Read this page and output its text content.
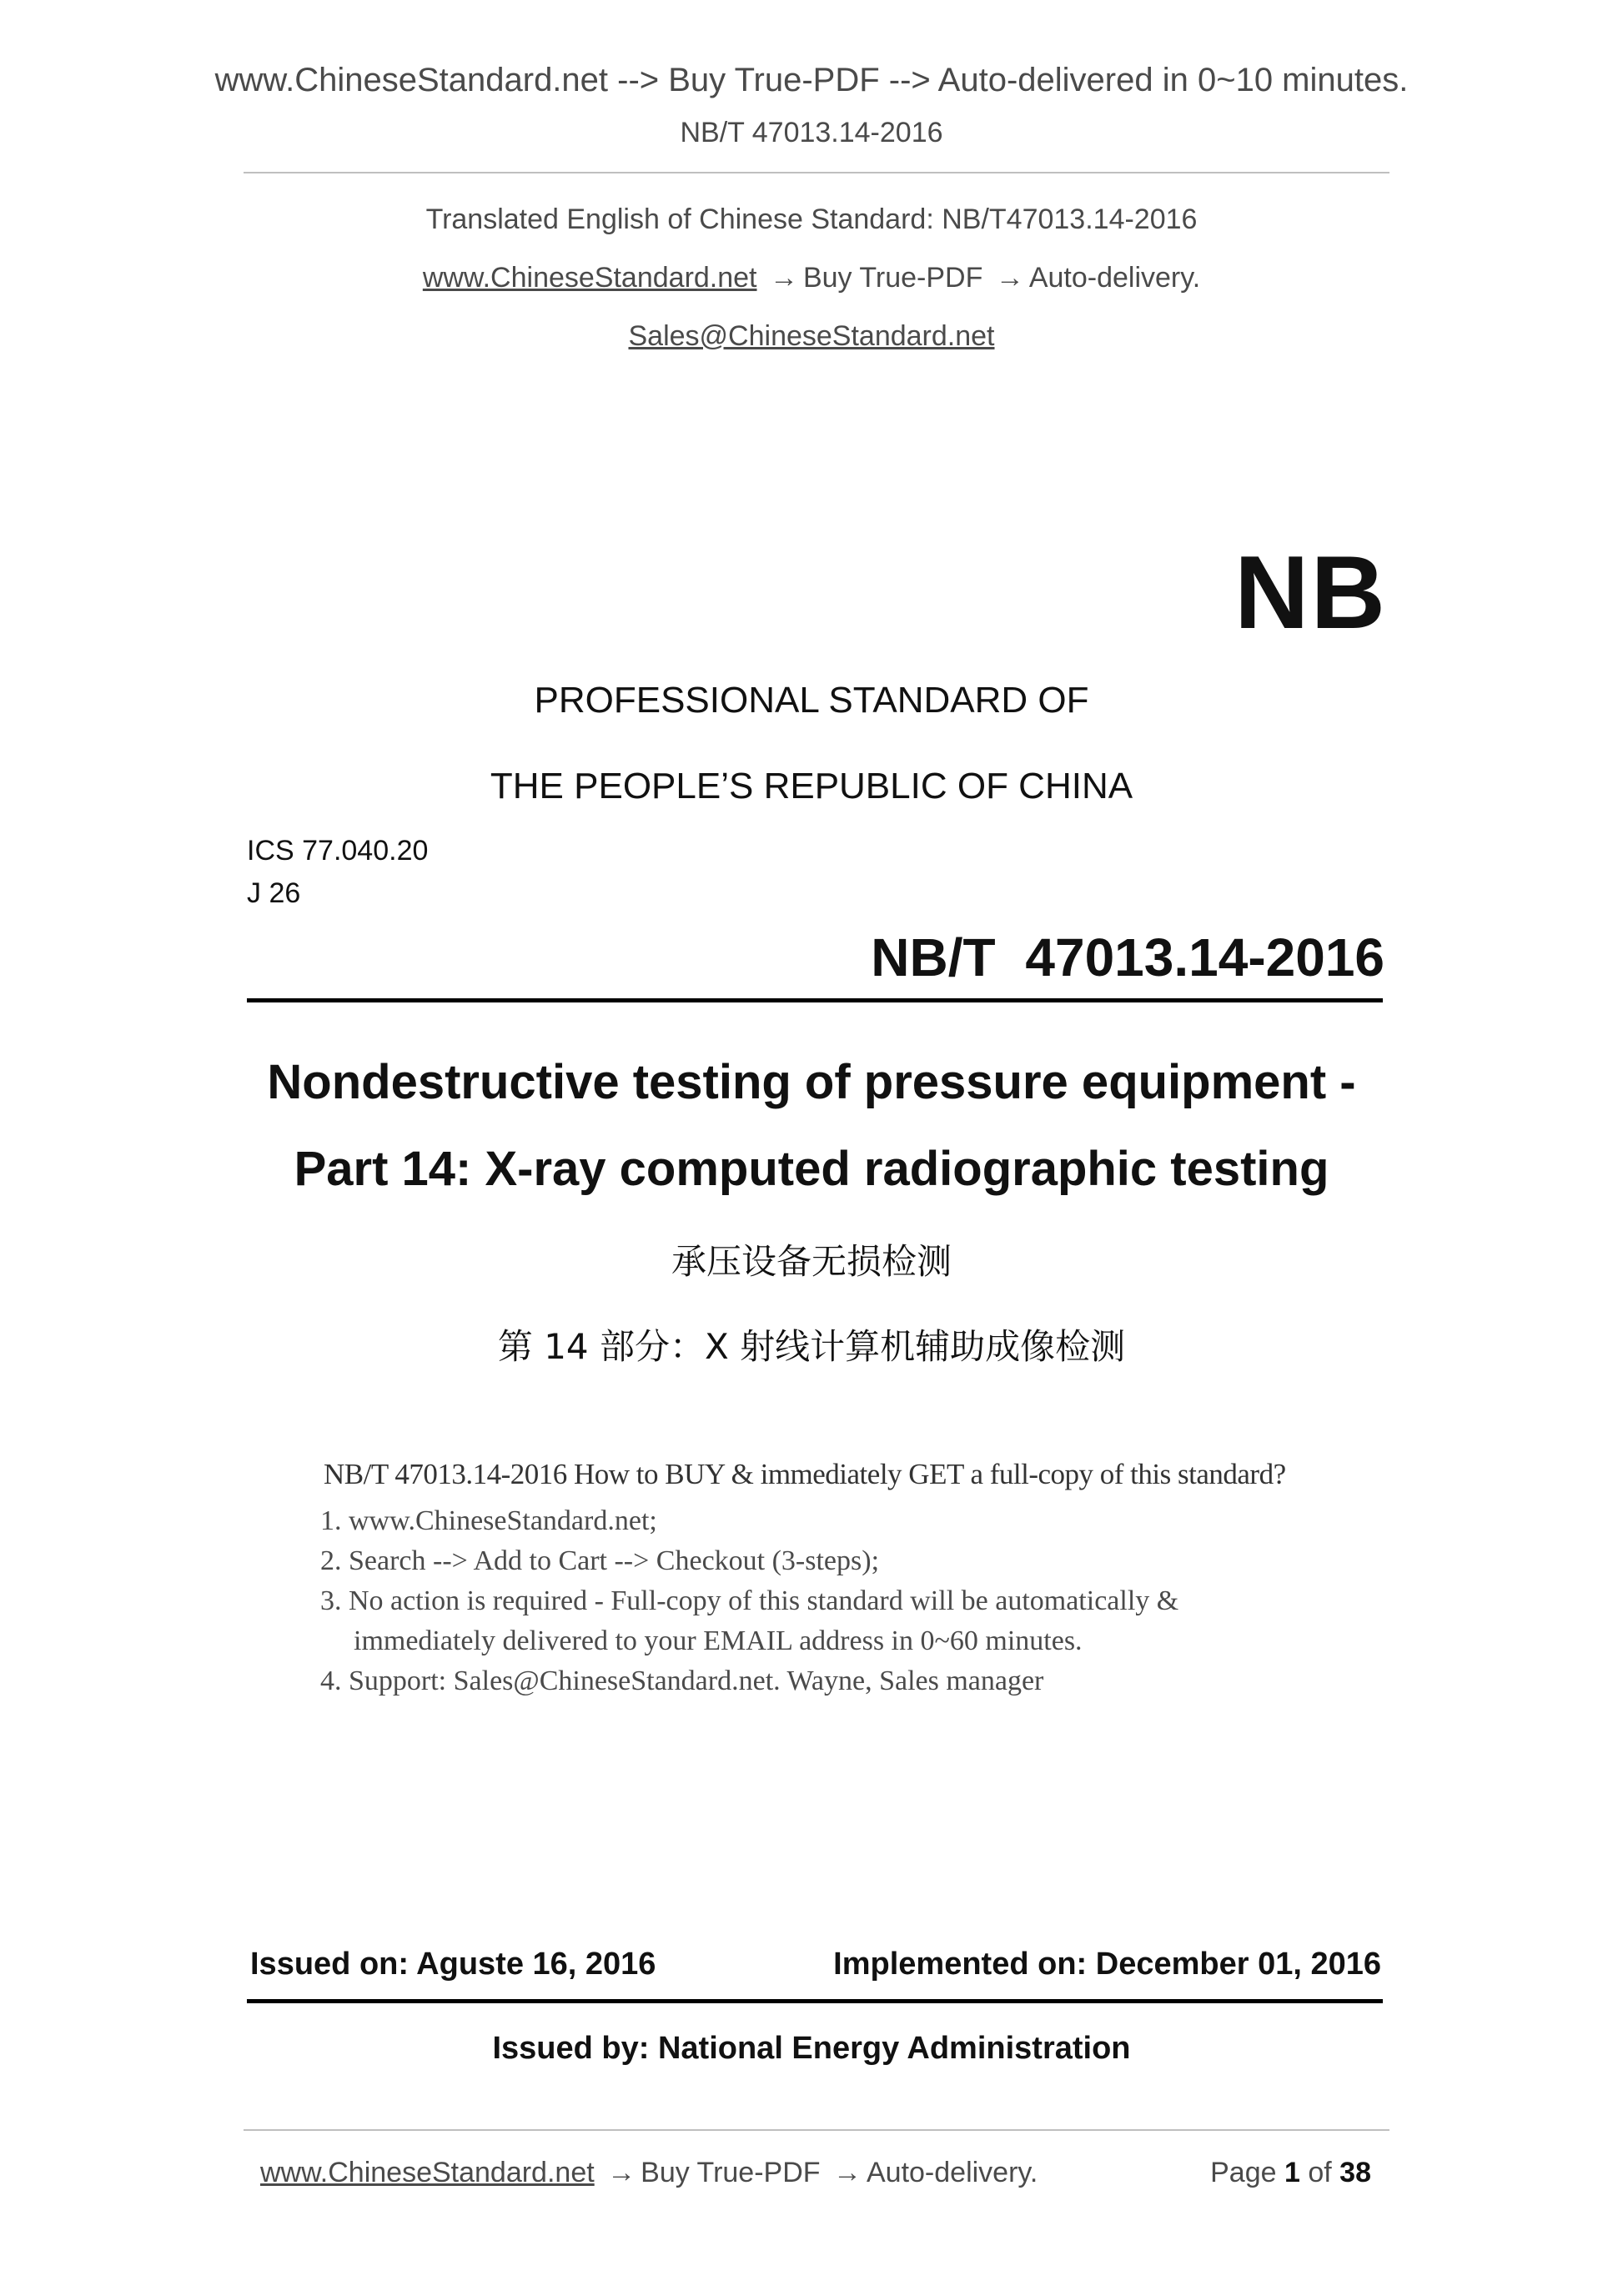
www.ChineseStandard.net --> Buy True-PDF --> Auto-delivered in 0~10 minutes.
NB/T 47013.14-2016
Translated English of Chinese Standard: NB/T47013.14-2016
www.ChineseStandard.net → Buy True-PDF → Auto-delivery.
Sales@ChineseStandard.net
NB
PROFESSIONAL STANDARD OF
THE PEOPLE’S REPUBLIC OF CHINA
ICS 77.040.20
J 26
NB/T 47013.14-2016
Nondestructive testing of pressure equipment -
Part 14: X-ray computed radiographic testing
承压设备无损检测
第 14 部分：X 射线计算机辅助成像检测
NB/T 47013.14-2016 How to BUY & immediately GET a full-copy of this standard?
1. www.ChineseStandard.net;
2. Search --> Add to Cart --> Checkout (3-steps);
3. No action is required - Full-copy of this standard will be automatically &
immediately delivered to your EMAIL address in 0~60 minutes.
4. Support: Sales@ChineseStandard.net. Wayne, Sales manager
Issued on: Aguste 16, 2016	Implemented on: December 01, 2016
Issued by: National Energy Administration
www.ChineseStandard.net → Buy True-PDF → Auto-delivery.	Page 1 of 38
